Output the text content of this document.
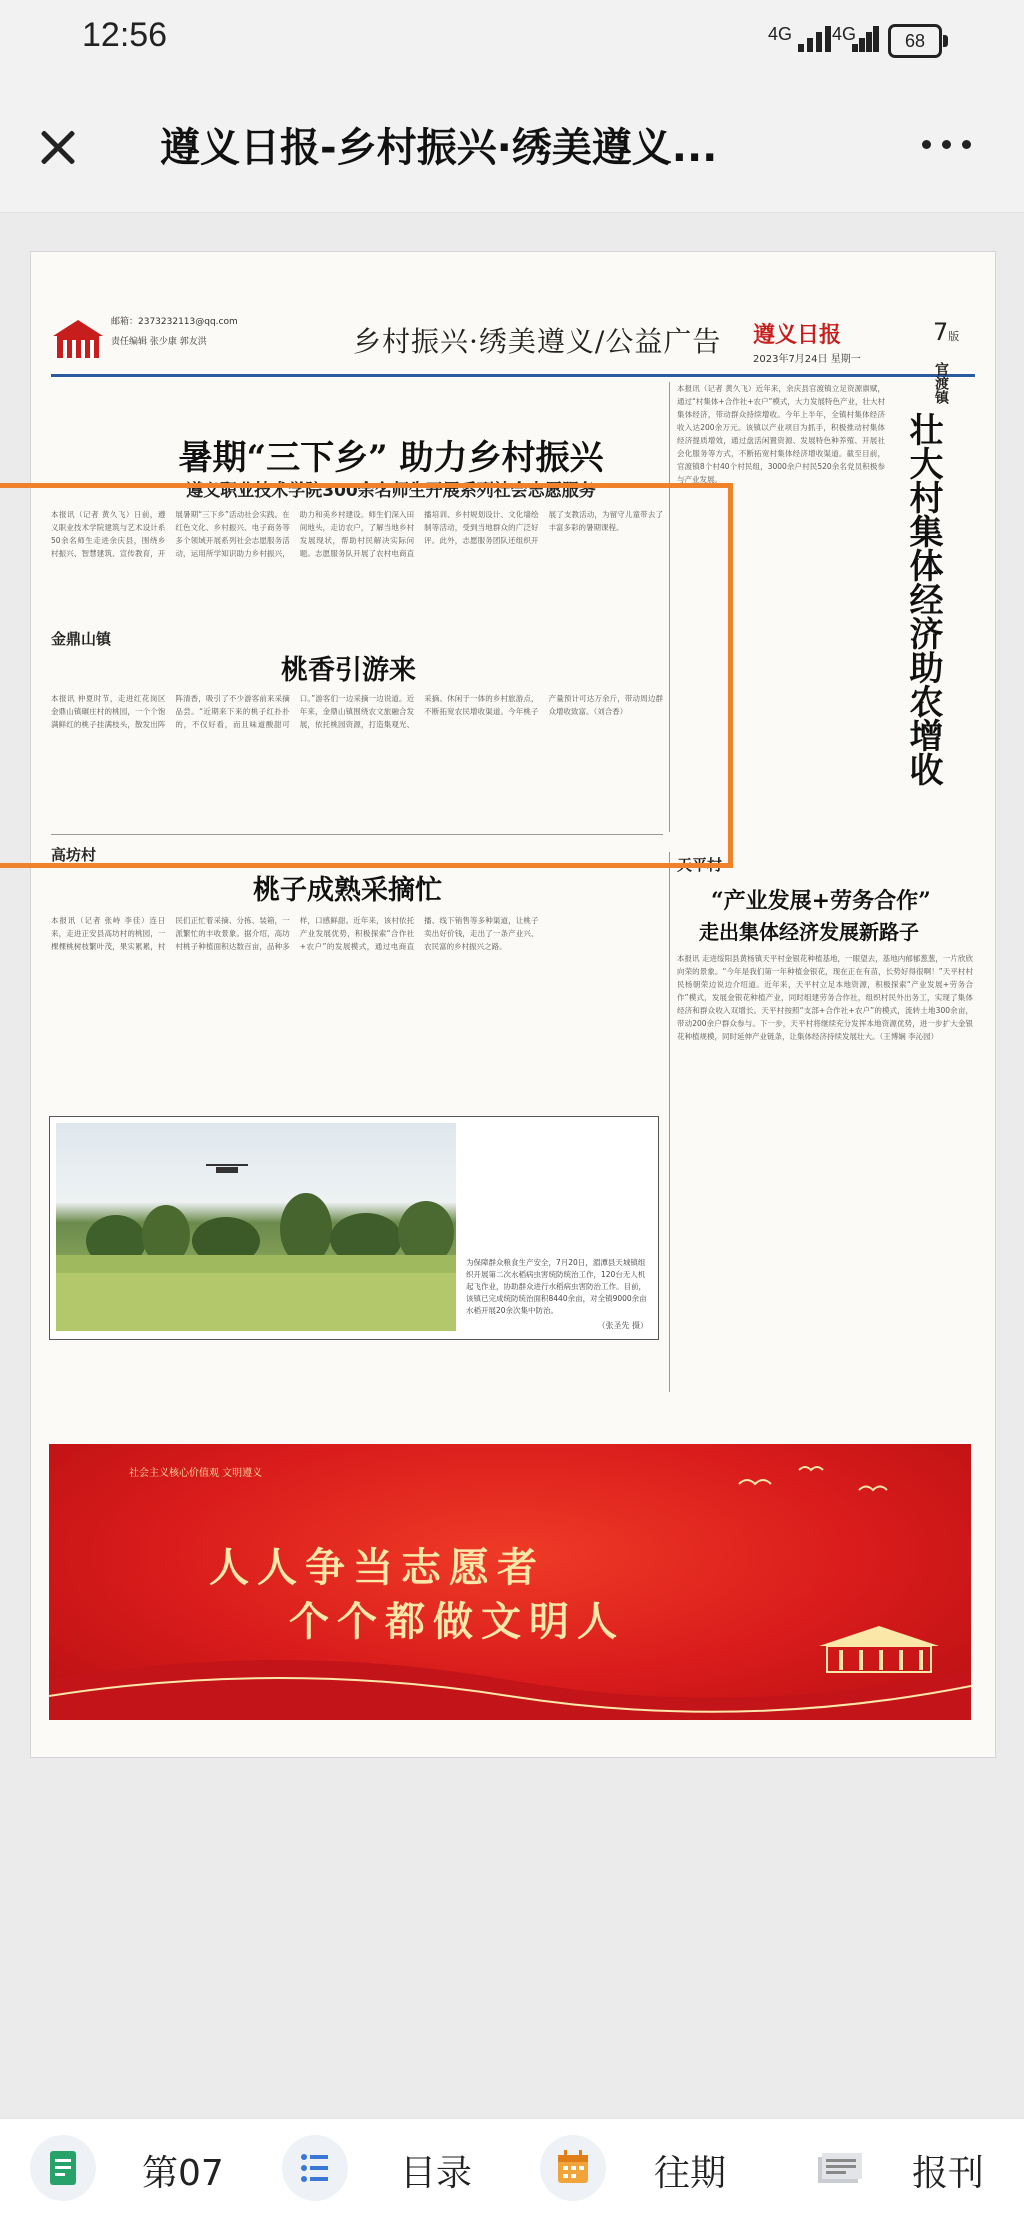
12:56	4G 4G	68
遵义日报-乡村振兴·绣美遵义...
邮箱：2373232113@qq.com
责任编辑 张少康 郭友洪	乡村振兴·绣美遵义/公益广告 遵义日报
2023年7月24日 星期一
7版
暑期“三下乡” 助力乡村振兴
遵义职业技术学院300余名师生开展系列社会志愿服务
本报讯（记者 黄久飞）日前，遵义职业技术学院建筑与艺术设计系50余名师生走进余庆县，围绕乡村振兴、智慧建筑、宣传教育，开展暑期“三下乡”活动社会实践。在红色文化、乡村振兴、电子商务等多个领域开展系列社会志愿服务活动，运用所学知识助力乡村振兴，助力和美乡村建设。师生们深入田间地头，走访农户，了解当地乡村发展现状，帮助村民解决实际问题。志愿服务队开展了农村电商直播培训、乡村规划设计、文化墙绘制等活动，受到当地群众的广泛好评。此外，志愿服务团队还组织开展了支教活动，为留守儿童带去了丰富多彩的暑期课程。
金鼎山镇
桃香引游来
本报讯 仲夏时节，走进红花岗区金鼎山镇碾庄村的桃园，一个个饱满鲜红的桃子挂满枝头，散发出阵阵清香，吸引了不少游客前来采摘品尝。“近期来下来的桃子红扑扑的，不仅好看，而且味道酸甜可口。”游客们一边采摘一边说道。近年来，金鼎山镇围绕农文旅融合发展，依托桃园资源，打造集观光、采摘、休闲于一体的乡村旅游点，不断拓宽农民增收渠道。今年桃子产量预计可达万余斤，带动周边群众增收致富。（刘合香）
高坊村
桃子成熟采摘忙
本报讯（记者 张峙 李佳）连日来，走进正安县高坊村的桃园，一棵棵桃树枝繁叶茂，果实累累，村民们正忙着采摘、分拣、装箱，一派繁忙的丰收景象。据介绍，高坊村桃子种植面积达数百亩，品种多样，口感鲜甜。近年来，该村依托产业发展优势，积极探索“合作社+农户”的发展模式，通过电商直播、线下销售等多种渠道，让桃子卖出好价钱，走出了一条产业兴、农民富的乡村振兴之路。
为保障群众粮食生产安全，7月20日，湄潭县天城镇组织开展第二次水稻病虫害统防统治工作，120台无人机起飞作业，协助群众进行水稻病虫害防治工作。目前，该镇已完成统防统治面积8440余亩，对全镇9000余亩水稻开展20余次集中防治。
（张圣先 摄）
官渡镇
壮大村集体经济助农增收
本报讯（记者 黄久飞）近年来，余庆县官渡镇立足资源禀赋，通过“村集体+合作社+农户”模式，大力发展特色产业，壮大村集体经济，带动群众持续增收。今年上半年，全镇村集体经济收入达200余万元。该镇以产业项目为抓手，积极推动村集体经济提质增效，通过盘活闲置资源、发展特色种养殖、开展社会化服务等方式，不断拓宽村集体经济增收渠道。截至目前，官渡镇8个村40个村民组，3000余户村民520余名党员积极参与产业发展。
天平村
“产业发展+劳务合作”
走出集体经济发展新路子
本报讯 走进绥阳县黄杨镇天平村金银花种植基地，一眼望去，基地内郁郁葱葱，一片欣欣向荣的景象。“今年是我们第一年种植金银花，现在正在有苗，长势好得很啊！”天平村村民杨朝荣边说边介绍道。近年来，天平村立足本地资源，积极探索“产业发展+劳务合作”模式，发展金银花种植产业，同时组建劳务合作社，组织村民外出务工，实现了集体经济和群众收入双增长。天平村按照“支部+合作社+农户”的模式，流转土地300余亩，带动200余户群众参与。下一步，天平村将继续充分发挥本地资源优势，进一步扩大金银花种植规模，同时延伸产业链条，让集体经济持续发展壮大。（王博娴 李沁园）
社会主义核心价值观 文明遵义
人人争当志愿者
个个都做文明人
第07	目录	往期	报刊
